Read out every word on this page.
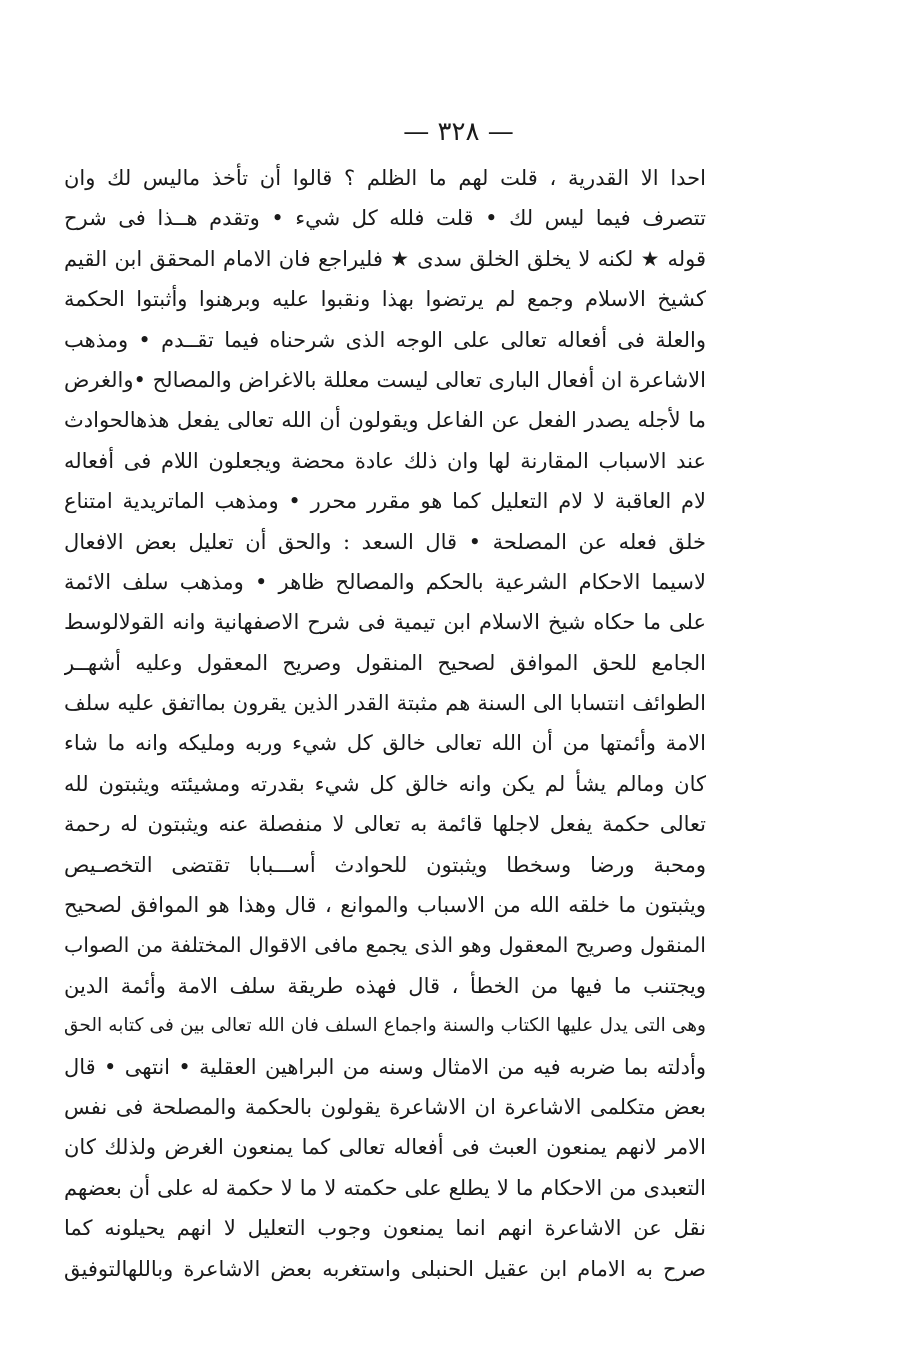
— ٣٢٨ —
احدا الا القدرية ، قلت لهم ما الظلم ؟ قالوا أن تأخذ ماليس لك وان
تتصرف فيما ليس لك • قلت فلله كل شيء • وتقدم هــذا فى شرح
قوله ★ لكنه لا يخلق الخلق سدى ★ فليراجع فان الامام المحقق ابن القيم
كشيخ الاسلام وجمع لم يرتضوا بهذا ونقبوا عليه وبرهنوا وأثبتوا الحكمة
والعلة فى أفعاله تعالى على الوجه الذى شرحناه فيما تقــدم • ومذهب
الاشاعرة ان أفعال البارى تعالى ليست معللة بالاغراض والمصالح •والغرض
ما لأجله يصدر الفعل عن الفاعل ويقولون أن الله تعالى يفعل هذهالحوادث
عند الاسباب المقارنة لها وان ذلك عادة محضة ويجعلون اللام فى أفعاله
لام العاقبة لا لام التعليل كما هو مقرر محرر • ومذهب الماتريدية امتناع
خلق فعله عن المصلحة • قال السعد : والحق أن تعليل بعض الافعال
لاسيما الاحكام الشرعية بالحكم والمصالح ظاهر • ومذهب سلف الائمة
على ما حكاه شيخ الاسلام ابن تيمية فى شرح الاصفهانية وانه القولالوسط
الجامع للحق الموافق لصحيح المنقول وصريح المعقول وعليه أشهــر
الطوائف انتسابا الى السنة هم مثبتة القدر الذين يقرون بمااتفق عليه سلف
الامة وأئمتها من أن الله تعالى خالق كل شيء وربه ومليكه وانه ما شاء
كان ومالم يشأ لم يكن وانه خالق كل شيء بقدرته ومشيئته ويثبتون لله
تعالى حكمة يفعل لاجلها قائمة به تعالى لا منفصلة عنه ويثبتون له رحمة
ومحبة ورضا وسخطا ويثبتون للحوادث أســـبابا تقتضى التخصـيص
ويثبتون ما خلقه الله من الاسباب والموانع ، قال وهذا هو الموافق لصحيح
المنقول وصريح المعقول وهو الذى يجمع مافى الاقوال المختلفة من الصواب
ويجتنب ما فيها من الخطأ ، قال فهذه طريقة سلف الامة وأئمة الدين
وهى التى يدل عليها الكتاب والسنة واجماع السلف فان الله تعالى بين فى كتابه الحق
وأدلته بما ضربه فيه من الامثال وسنه من البراهين العقلية • انتهى • قال
بعض متكلمى الاشاعرة ان الاشاعرة يقولون بالحكمة والمصلحة فى نفس
الامر لانهم يمنعون العبث فى أفعاله تعالى كما يمنعون الغرض ولذلك كان
التعبدى من الاحكام ما لا يطلع على حكمته لا ما لا حكمة له على أن بعضهم
نقل عن الاشاعرة انهم انما يمنعون وجوب التعليل لا انهم يحيلونه كما
صرح به الامام ابن عقيل الحنبلى واستغربه بعض الاشاعرة وباللهالتوفيق
